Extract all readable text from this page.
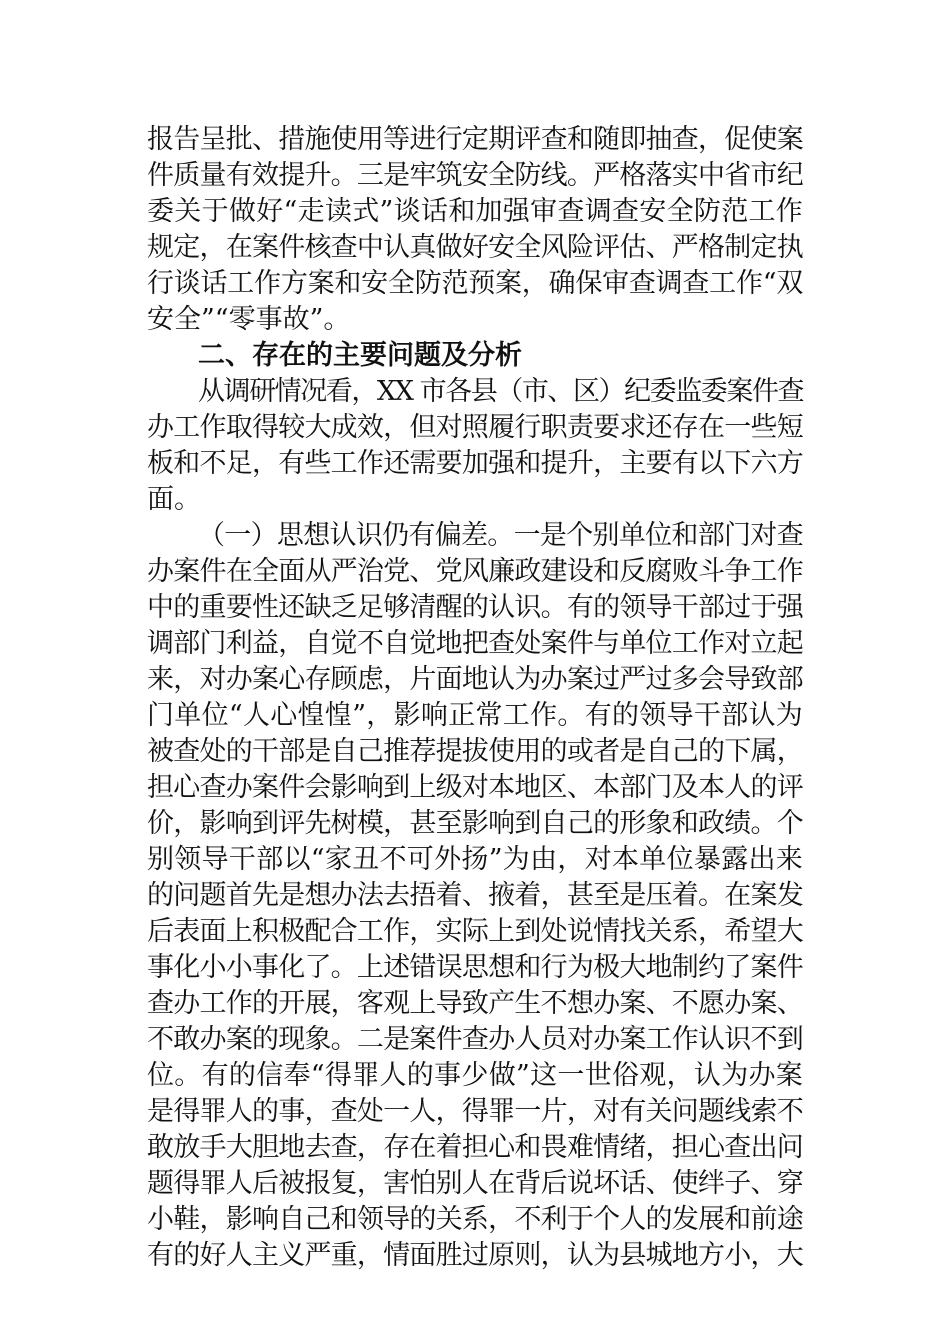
报告呈批、措施使用等进行定期评查和随即抽查，促使案
件质量有效提升。三是牢筑安全防线。严格落实中省市纪
委关于做好“走读式”谈话和加强审查调查安全防范工作
规定，在案件核查中认真做好安全风险评估、严格制定执
行谈话工作方案和安全防范预案，确保审查调查工作“双
安全”“零事故”。
二、存在的主要问题及分析
从调研情况看，XX 市各县（市、区）纪委监委案件查
办工作取得较大成效，但对照履行职责要求还存在一些短
板和不足，有些工作还需要加强和提升，主要有以下六方
面。
（一）思想认识仍有偏差。一是个别单位和部门对查
办案件在全面从严治党、党风廉政建设和反腐败斗争工作
中的重要性还缺乏足够清醒的认识。有的领导干部过于强
调部门利益，自觉不自觉地把查处案件与单位工作对立起
来，对办案心存顾虑，片面地认为办案过严过多会导致部
门单位“人心惶惶”，影响正常工作。有的领导干部认为
被查处的干部是自己推荐提拔使用的或者是自己的下属，
担心查办案件会影响到上级对本地区、本部门及本人的评
价，影响到评先树模，甚至影响到自己的形象和政绩。个
别领导干部以“家丑不可外扬”为由，对本单位暴露出来
的问题首先是想办法去捂着、掖着，甚至是压着。在案发
后表面上积极配合工作，实际上到处说情找关系，希望大
事化小小事化了。上述错误思想和行为极大地制约了案件
查办工作的开展，客观上导致产生不想办案、不愿办案、
不敢办案的现象。二是案件查办人员对办案工作认识不到
位。有的信奉“得罪人的事少做”这一世俗观，认为办案
是得罪人的事，查处一人，得罪一片，对有关问题线索不
敢放手大胆地去查，存在着担心和畏难情绪，担心查出问
题得罪人后被报复，害怕别人在背后说坏话、使绊子、穿
小鞋，影响自己和领导的关系，不利于个人的发展和前途
有的好人主义严重，情面胜过原则，认为县城地方小，大
